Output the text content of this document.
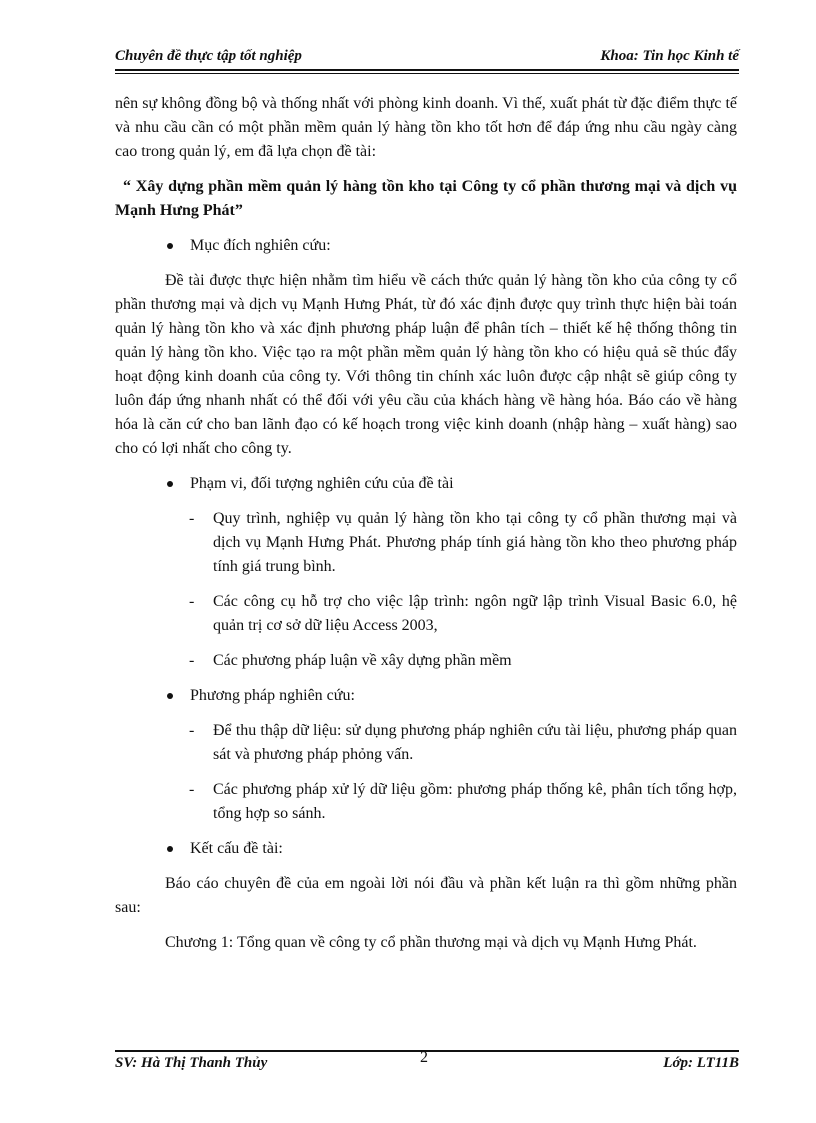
Chuyên đề thực tập tốt nghiệp	Khoa: Tin học Kinh tế

nên sự không đồng bộ và thống nhất với phòng kinh doanh. Vì thế, xuất phát từ đặc điểm thực tế và nhu cầu cần có một phần mềm quản lý hàng tồn kho tốt hơn để đáp ứng nhu cầu ngày càng cao trong quản lý, em đã lựa chọn đề tài:

“ Xây dựng phần mềm quản lý hàng tồn kho tại Công ty cổ phần thương mại và dịch vụ Mạnh Hưng Phát”

Mục đích nghiên cứu:

Đề tài được thực hiện nhằm tìm hiểu về cách thức quản lý hàng tồn kho của công ty cổ phần thương mại và dịch vụ Mạnh Hưng Phát, từ đó xác định được quy trình thực hiện bài toán quản lý hàng tồn kho và xác định phương pháp luận để phân tích – thiết kế hệ thống thông tin quản lý hàng tồn kho. Việc tạo ra một phần mềm quản lý hàng tồn kho có hiệu quả sẽ thúc đẩy hoạt động kinh doanh của công ty. Với thông tin chính xác luôn được cập nhật sẽ giúp công ty luôn đáp ứng nhanh nhất có thể đối với yêu cầu của khách hàng về hàng hóa. Báo cáo về hàng hóa là căn cứ cho ban lãnh đạo có kế hoạch trong việc kinh doanh (nhập hàng – xuất hàng) sao cho có lợi nhất cho công ty.

Phạm vi, đối tượng nghiên cứu của đề tài
- Quy trình, nghiệp vụ quản lý hàng tồn kho tại công ty cổ phần thương mại và dịch vụ Mạnh Hưng Phát. Phương pháp tính giá hàng tồn kho theo phương pháp tính giá trung bình.
- Các công cụ hỗ trợ cho việc lập trình: ngôn ngữ lập trình Visual Basic 6.0, hệ quản trị cơ sở dữ liệu Access 2003,
- Các phương pháp luận về xây dựng phần mềm
Phương pháp nghiên cứu:
- Để thu thập dữ liệu: sử dụng phương pháp nghiên cứu tài liệu, phương pháp quan sát và phương pháp phỏng vấn.
- Các phương pháp xử lý dữ liệu gồm: phương pháp thống kê, phân tích tổng hợp, tổng hợp so sánh.
Kết cấu đề tài:

Báo cáo chuyên đề của em ngoài lời nói đầu và phần kết luận ra thì gồm những phần sau:

Chương 1: Tổng quan về công ty cổ phần thương mại và dịch vụ Mạnh Hưng Phát.

SV: Hà Thị Thanh Thủy	2	Lớp: LT11B
